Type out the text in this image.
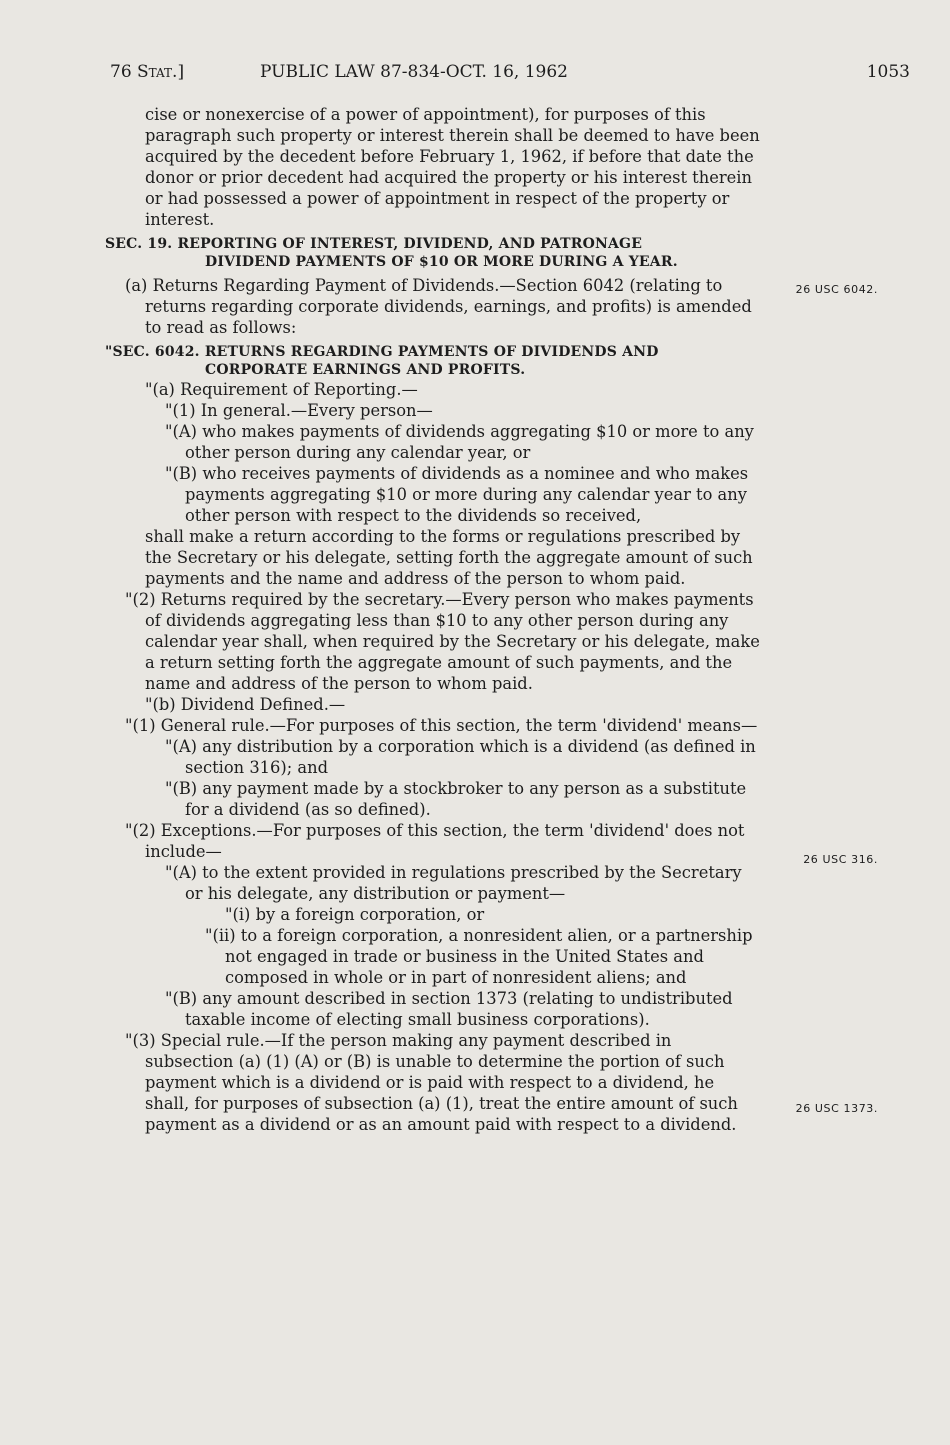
76 Stat.]	PUBLIC LAW 87-834-OCT. 16, 1962	1053

cise or nonexercise of a power of appointment), for purposes of this paragraph such property or interest therein shall be deemed to have been acquired by the decedent before February 1, 1962, if before that date the donor or prior decedent had acquired the property or his interest therein or had possessed a power of appointment in respect of the property or interest.

SEC. 19. REPORTING OF INTEREST, DIVIDEND, AND PATRONAGE

DIVIDEND PAYMENTS OF $10 OR MORE DURING A YEAR.

(a) Returns Regarding Payment of Dividends.—Section 6042 (relating to returns regarding corporate dividends, earnings, and profits) is amended to read as follows:

"SEC. 6042. RETURNS REGARDING PAYMENTS OF DIVIDENDS AND

CORPORATE EARNINGS AND PROFITS.

"(a) Requirement of Reporting.—

"(1) In general.—Every person—

"(A) who makes payments of dividends aggregating $10 or more to any other person during any calendar year, or

"(B) who receives payments of dividends as a nominee and who makes payments aggregating $10 or more during any calendar year to any other person with respect to the dividends so received,

shall make a return according to the forms or regulations prescribed by the Secretary or his delegate, setting forth the aggregate amount of such payments and the name and address of the person to whom paid.

"(2) Returns required by the secretary.—Every person who makes payments of dividends aggregating less than $10 to any other person during any calendar year shall, when required by the Secretary or his delegate, make a return setting forth the aggregate amount of such payments, and the name and address of the person to whom paid.

"(b) Dividend Defined.—

"(1) General rule.—For purposes of this section, the term 'dividend' means—

"(A) any distribution by a corporation which is a dividend (as defined in section 316); and

"(B) any payment made by a stockbroker to any person as a substitute for a dividend (as so defined).

"(2) Exceptions.—For purposes of this section, the term 'dividend' does not include—

"(A) to the extent provided in regulations prescribed by the Secretary or his delegate, any distribution or payment—

"(i) by a foreign corporation, or

"(ii) to a foreign corporation, a nonresident alien, or a partnership not engaged in trade or business in the United States and composed in whole or in part of nonresident aliens; and

"(B) any amount described in section 1373 (relating to undistributed taxable income of electing small business corporations).

"(3) Special rule.—If the person making any payment described in subsection (a) (1) (A) or (B) is unable to determine the portion of such payment which is a dividend or is paid with respect to a dividend, he shall, for purposes of subsection (a) (1), treat the entire amount of such payment as a dividend or as an amount paid with respect to a dividend.

26 USC 6042.
26 USC 316.
26 USC 1373.
